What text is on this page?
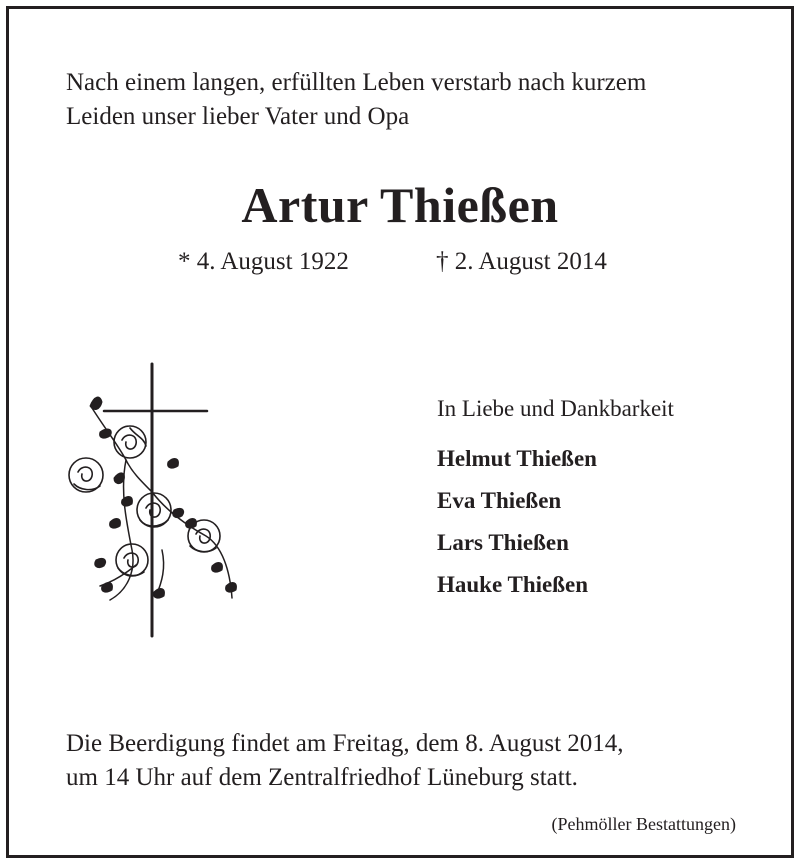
Nach einem langen, erfüllten Leben verstarb nach kurzem
Leiden unser lieber Vater und Opa
Artur Thießen
* 4. August 1922	† 2. August 2014
In Liebe und Dankbarkeit
Helmut Thießen
Eva Thießen
Lars Thießen
Hauke Thießen
Die Beerdigung findet am Freitag, dem 8. August 2014,
um 14 Uhr auf dem Zentralfriedhof Lüneburg statt.
(Pehmöller Bestattungen)
